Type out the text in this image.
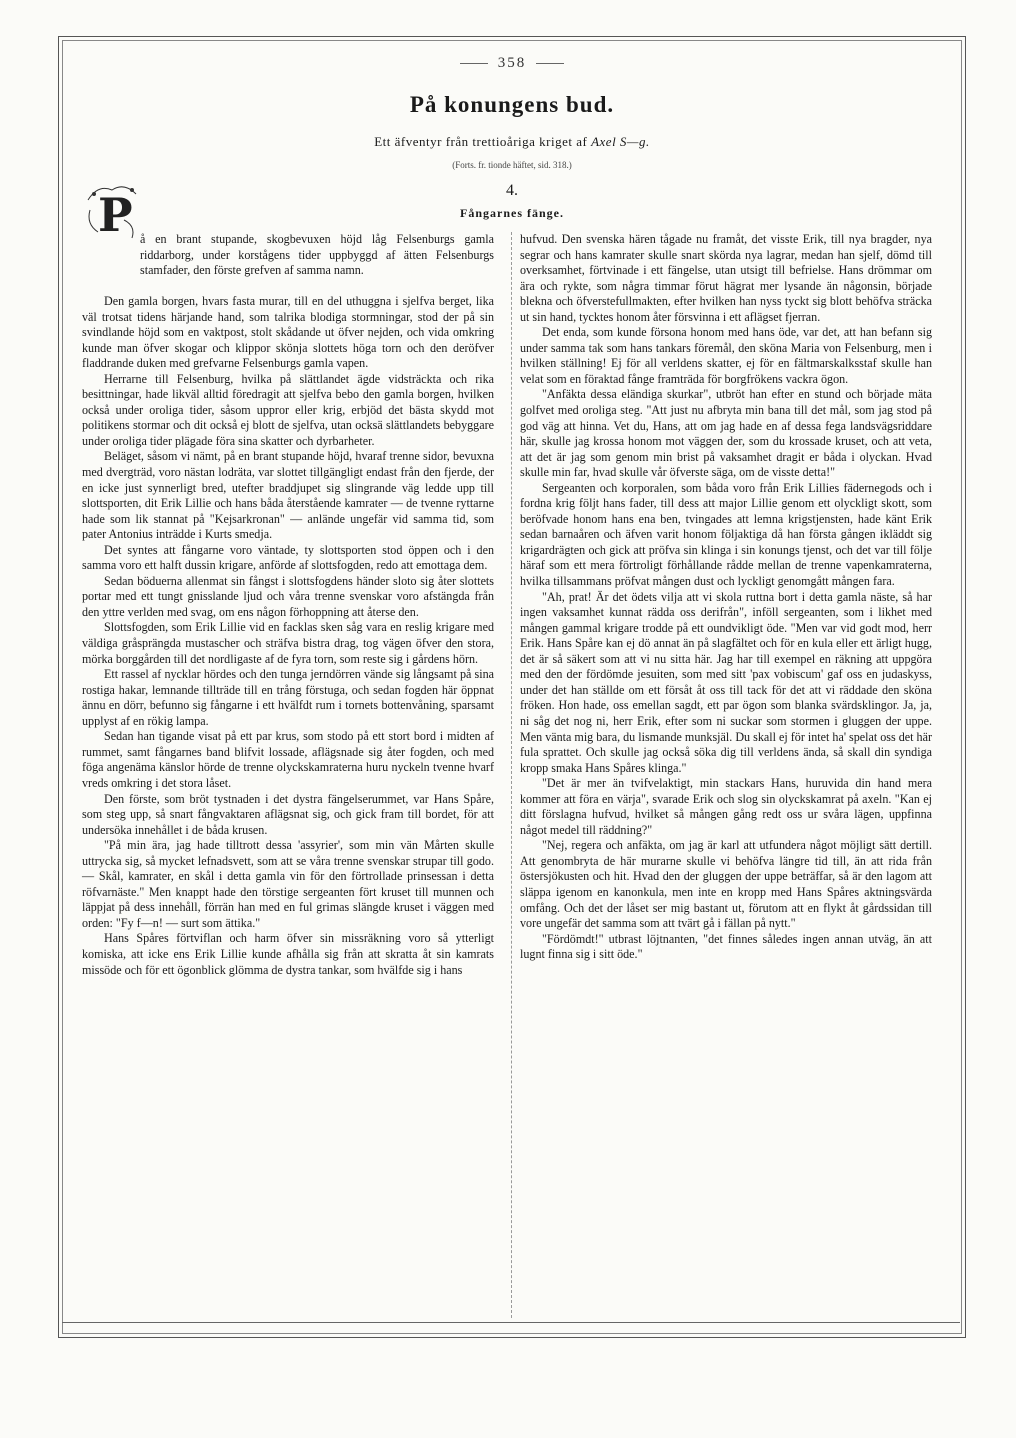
358
På konungens bud.
Ett äfventyr från trettioåriga kriget af Axel S—g.
(Forts. fr. tionde häftet, sid. 318.)
4.
Fångarnes fänge.
P å en brant stupande, skogbevuxen höjd låg Felsenburgs gamla riddarborg, under korstågens tider uppbyggd af ätten Felsenburgs stamfader, den förste grefven af samma namn.

Den gamla borgen, hvars fasta murar, till en del uthuggna i sjelfva berget, lika väl trotsat tidens härjande hand, som talrika blodiga stormningar, stod der på sin svindlande höjd som en vaktpost, stolt skådande ut öfver nejden, och vida omkring kunde man öfver skogar och klippor skönja slottets höga torn och den deröfver fladdrande duken med grefvarne Felsenburgs gamla vapen.

Herrarne till Felsenburg, hvilka på slättlandet ägde vidsträckta och rika besittningar, hade likväl alltid föredragit att sjelfva bebo den gamla borgen, hvilken också under oroliga tider, såsom uppror eller krig, erbjöd det bästa skydd mot politikens stormar och dit också ej blott de sjelfva, utan ocksä slättlandets bebyggare under oroliga tider plägade föra sina skatter och dyrbarheter.

Beläget, såsom vi nämt, på en brant stupande höjd, hvaraf trenne sidor, bevuxna med dvergträd, voro nästan lodräta, var slottet tillgängligt endast från den fjerde, der en icke just synnerligt bred, utefter braddjupet sig slingrande väg ledde upp till slottsporten, dit Erik Lillie och hans båda återstående kamrater — de tvenne ryttarne hade som lik stannat på "Kejsarkronan" — anlände ungefär vid samma tid, som pater Antonius inträdde i Kurts smedja.

Det syntes att fångarne voro väntade, ty slottsporten stod öppen och i den samma voro ett halft dussin krigare, anförde af slottsfogden, redo att emottaga dem.

Sedan böduerna allenmat sin fångst i slottsfogdens händer sloto sig åter slottets portar med ett tungt gnisslande ljud och våra trenne svenskar voro afstängda från den yttre verlden med svag, om ens någon förhoppning att återse den.

Slottsfogden, som Erik Lillie vid en facklas sken såg vara en reslig krigare med väldiga gråsprängda mustascher och sträfva bistra drag, tog vägen öfver den stora, mörka borggården till det nordligaste af de fyra torn, som reste sig i gårdens hörn.

Ett rassel af nycklar hördes och den tunga jerndörren vände sig långsamt på sina rostiga hakar, lemnande tillträde till en trång förstuga, och sedan fogden här öppnat ännu en dörr, befunno sig fångarne i ett hvälfdt rum i tornets bottenvåning, sparsamt upplyst af en rökig lampa.

Sedan han tigande visat på ett par krus, som stodo på ett stort bord i midten af rummet, samt fångarnes band blifvit lossade, aflägsnade sig åter fogden, och med föga angenäma känslor hörde de trenne olyckskamraterna huru nyckeln tvenne hvarf vreds omkring i det stora låset.

Den förste, som bröt tystnaden i det dystra fängelserummet, var Hans Spåre, som steg upp, så snart fångvaktaren aflägsnat sig, och gick fram till bordet, för att undersöka innehållet i de båda krusen.

"På min ära, jag hade tilltrott dessa 'assyrier', som min vän Mårten skulle uttrycka sig, så mycket lefnadsvett, som att se våra trenne svenskar strupar till godo. — Skål, kamrater, en skål i detta gamla vin för den förtrollade prinsessan i detta röfvarnäste." Men knappt hade den törstige sergeanten fört kruset till munnen och läppjat på dess innehåll, förrän han med en ful grimas slängde kruset i väggen med orden: "Fy f—n! — surt som ättika."

Hans Spåres förtviflan och harm öfver sin missräkning voro så ytterligt komiska, att icke ens Erik Lillie kunde afhålla sig från att skratta åt sin kamrats missöde och för ett ögonblick glömma de dystra tankar, som hvälfde sig i hans

hufvud. Den svenska hären tågade nu framåt, det visste Erik, till nya bragder, nya segrar och hans kamrater skulle snart skörda nya lagrar, medan han sjelf, dömd till overksamhet, förtvinade i ett fängelse, utan utsigt till befrielse. Hans drömmar om ära och rykte, som några timmar förut hägrat mer lysande än någonsin, började blekna och öfverstefullmakten, efter hvilken han nyss tyckt sig blott behöfva sträcka ut sin hand, tycktes honom åter försvinna i ett aflägset fjerran.

Det enda, som kunde försona honom med hans öde, var det, att han befann sig under samma tak som hans tankars föremål, den sköna Maria von Felsenburg, men i hvilken ställning! Ej för all verldens skatter, ej för en fältmarskalksstaf skulle han velat som en föraktad fånge framträda för borgfrökens vackra ögon.

"Anfäkta dessa eländiga skurkar", utbröt han efter en stund och började mäta golfvet med oroliga steg. "Att just nu afbryta min bana till det mål, som jag stod på god väg att hinna. Vet du, Hans, att om jag hade en af dessa fega landsvägsriddare här, skulle jag krossa honom mot väggen der, som du krossade kruset, och att veta, att det är jag som genom min brist på vaksamhet dragit er båda i olyckan. Hvad skulle min far, hvad skulle vår öfverste säga, om de visste detta!"

Sergeanten och korporalen, som båda voro från Erik Lillies fädernegods och i fordna krig följt hans fader, till dess att major Lillie genom ett olyckligt skott, som beröfvade honom hans ena ben, tvingades att lemna krigstjensten, hade känt Erik sedan barnaåren och äfven varit honom följaktiga då han första gången ikläddt sig krigardrägten och gick att pröfva sin klinga i sin konungs tjenst, och det var till följe häraf som ett mera förtroligt förhållande rådde mellan de trenne vapenkamraterna, hvilka tillsammans pröfvat mången dust och lyckligt genomgått mången fara.

"Ah, prat! Är det ödets vilja att vi skola ruttna bort i detta gamla näste, så har ingen vaksamhet kunnat rädda oss derifrån", inföll sergeanten, som i likhet med mången gammal krigare trodde på ett oundvikligt öde. "Men var vid godt mod, herr Erik. Hans Spåre kan ej dö annat än på slagfältet och för en kula eller ett ärligt hugg, det är så säkert som att vi nu sitta här. Jag har till exempel en räkning att uppgöra med den der fördömde jesuiten, som med sitt 'pax vobiscum' gaf oss en judaskyss, under det han ställde om ett försåt åt oss till tack för det att vi räddade den sköna fröken. Hon hade, oss emellan sagdt, ett par ögon som blanka svärdsklingor. Ja, ja, ni såg det nog ni, herr Erik, efter som ni suckar som stormen i gluggen der uppe. Men vänta mig bara, du lismande munksjäl. Du skall ej för intet ha' spelat oss det här fula sprattet. Och skulle jag också söka dig till verldens ända, så skall din syndiga kropp smaka Hans Spåres klinga."

"Det är mer än tvifvelaktigt, min stackars Hans, huruvida din hand mera kommer att föra en värja", svarade Erik och slog sin olyckskamrat på axeln. "Kan ej ditt förslagna hufvud, hvilket så mången gång redt oss ur svåra lägen, uppfinna något medel till räddning?"

"Nej, regera och anfäkta, om jag är karl att utfundera något möjligt sätt dertill. Att genombryta de här murarne skulle vi behöfva längre tid till, än att rida från östersjökusten och hit. Hvad den der gluggen der uppe beträffar, så är den lagom att släppa igenom en kanonkula, men inte en kropp med Hans Spåres aktningsvärda omfång. Och det der låset ser mig bastant ut, förutom att en flykt åt gårdssidan till vore ungefär det samma som att tvärt gå i fällan på nytt."

"Fördömdt!" utbrast löjtnanten, "det finnes således ingen annan utväg, än att lugnt finna sig i sitt öde."
